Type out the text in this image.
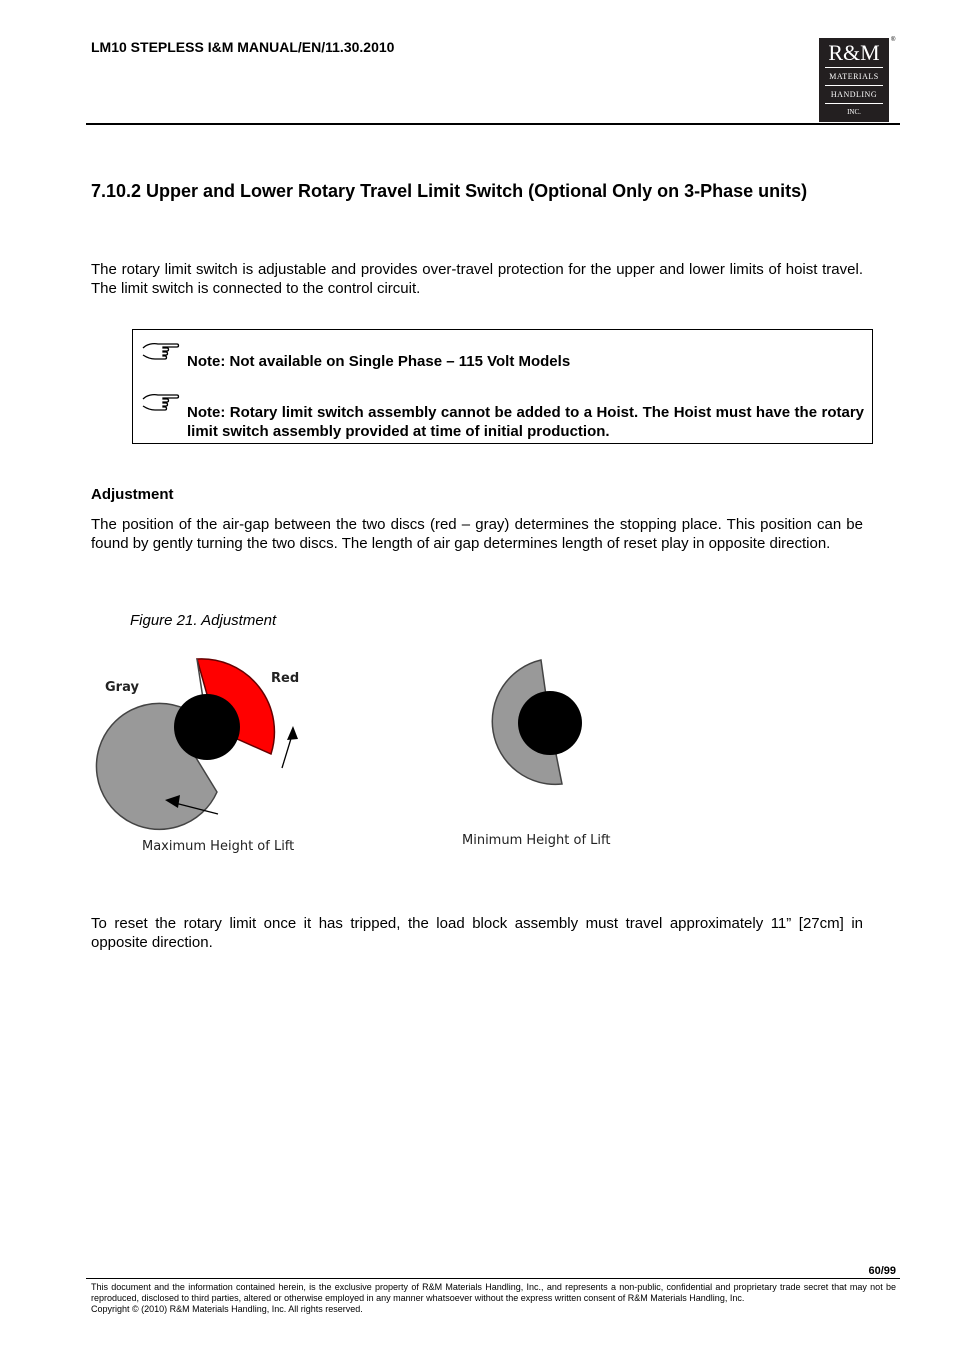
LM10 STEPLESS I&M MANUAL/EN/11.30.2010	R&M
MATERIALS
HANDLING
INC.
®
7.10.2 Upper and Lower Rotary Travel Limit Switch (Optional Only on 3-Phase units)
The rotary limit switch is adjustable and provides over-travel protection for the upper and lower limits of hoist travel. The limit switch is connected to the control circuit.
Note: Not available on Single Phase – 115 Volt Models
Note: Rotary limit switch assembly cannot be added to a Hoist. The Hoist must have the rotary limit switch assembly provided at time of initial production.
Adjustment
The position of the air-gap between the two discs (red – gray) determines the stopping place. This position can be found by gently turning the two discs. The length of air gap determines length of reset play in opposite direction.
Figure 21. Adjustment
Gray
Red
Maximum Height of Lift	Minimum Height of Lift
To reset the rotary limit once it has tripped, the load block assembly must travel approximately 11” [27cm] in opposite direction.
60/99
This document and the information contained herein, is the exclusive property of R&M Materials Handling, Inc., and represents a non-public, confidential and proprietary trade secret that may not be reproduced, disclosed to third parties, altered or otherwise employed in any manner whatsoever without the express written consent of R&M Materials Handling, Inc.
Copyright © (2010) R&M Materials Handling, Inc. All rights reserved.
